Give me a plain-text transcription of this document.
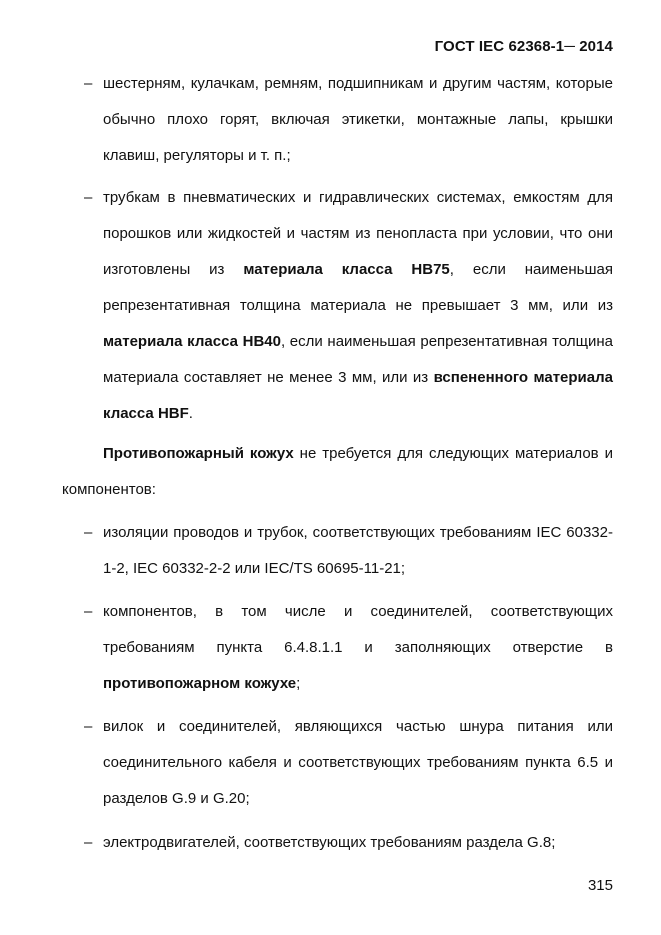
ГОСТ IEC 62368-1─ 2014
– шестерням, кулачкам, ремням, подшипникам и другим частям, которые обычно плохо горят, включая этикетки, монтажные лапы, крышки клавиш, регуляторы и т. п.;
– трубкам в пневматических и гидравлических системах, емкостям для порошков или жидкостей и частям из пенопласта при условии, что они изготовлены из материала класса HB75, если наименьшая репрезентативная толщина материала не превышает 3 мм, или из материала класса HB40, если наименьшая репрезентативная толщина материала составляет не менее 3 мм, или из вспененного материала класса HBF.
Противопожарный кожух не требуется для следующих материалов и компонентов:
– изоляции проводов и трубок, соответствующих требованиям IEC 60332-1-2, IEC 60332-2-2 или IEC/TS 60695-11-21;
– компонентов, в том числе и соединителей, соответствующих требованиям пункта 6.4.8.1.1 и заполняющих отверстие в противопожарном кожухе;
– вилок и соединителей, являющихся частью шнура питания или соединительного кабеля и соответствующих требованиям пункта 6.5 и разделов G.9 и G.20;
– электродвигателей, соответствующих требованиям раздела G.8;
315
